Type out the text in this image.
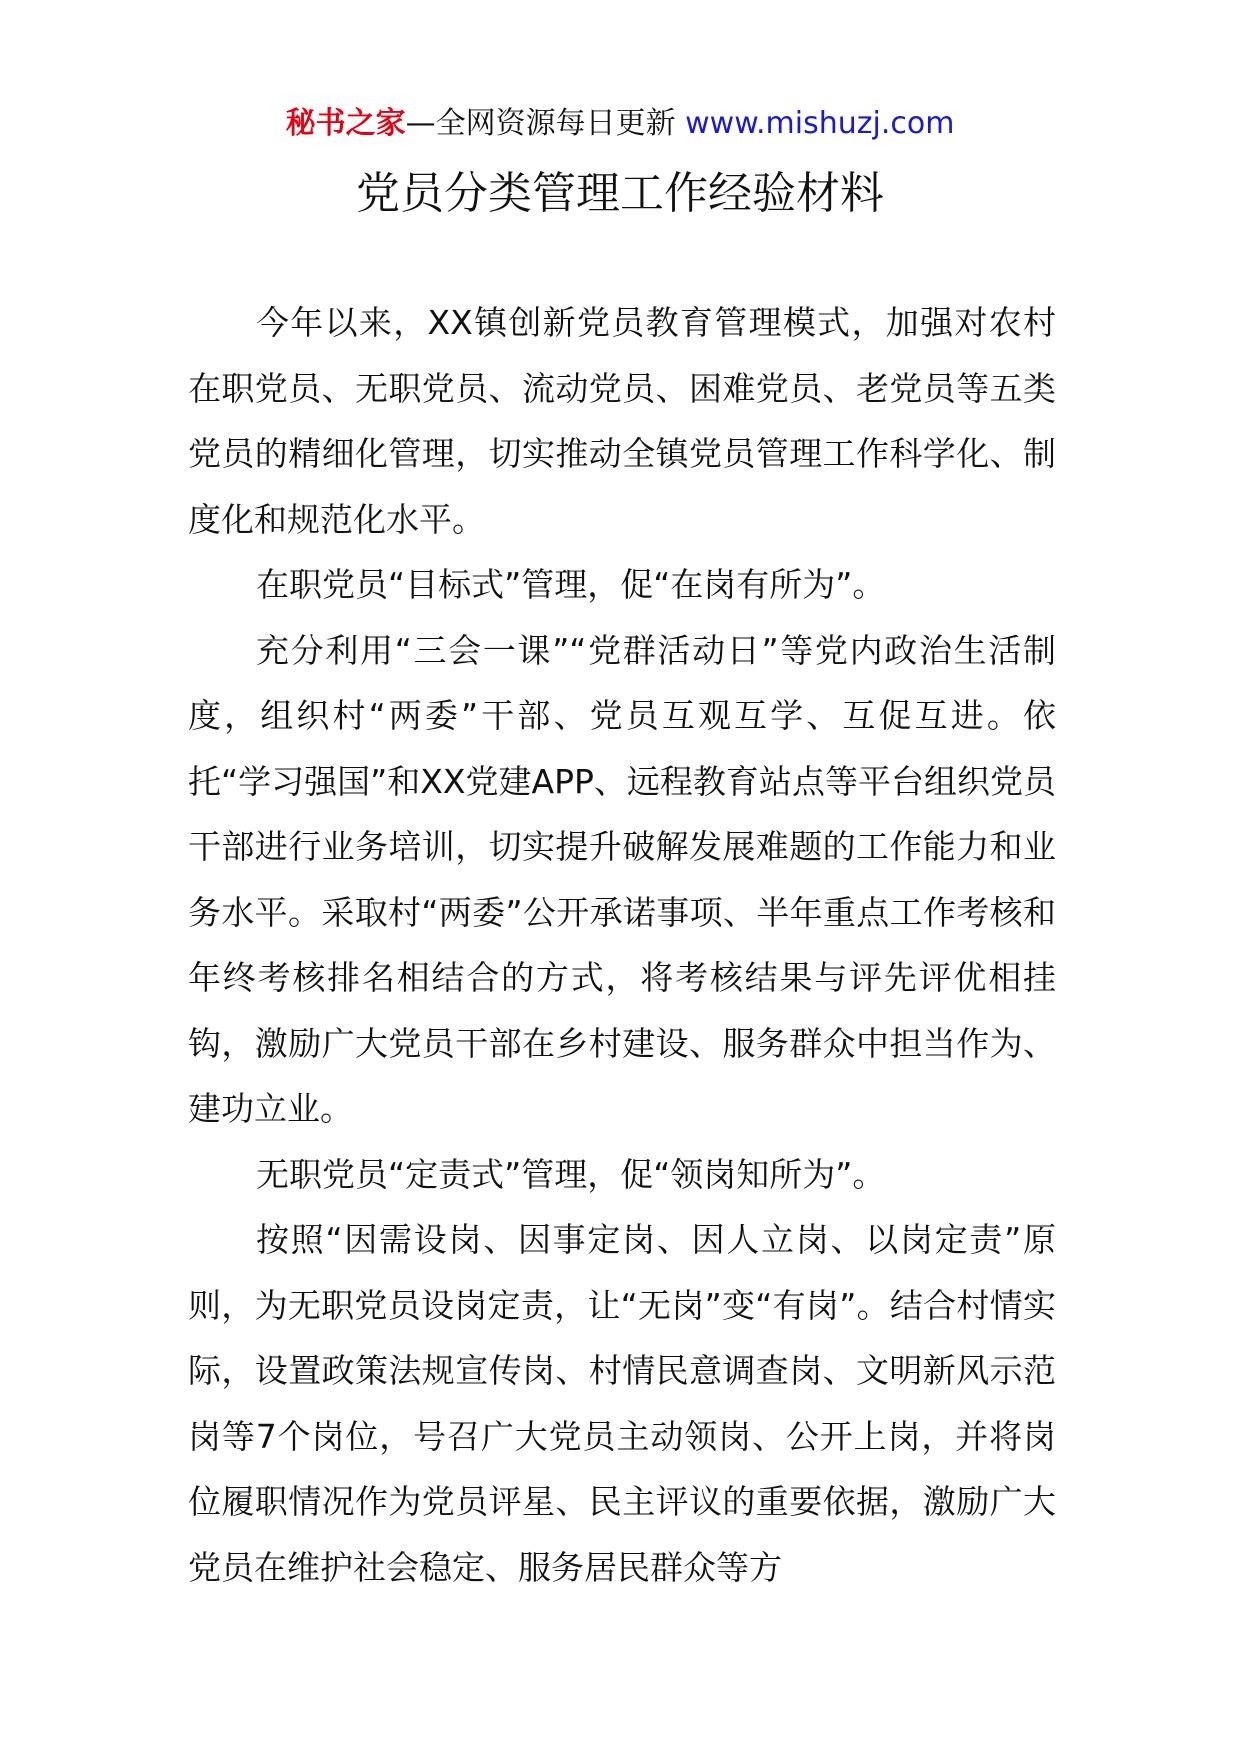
秘书之家—全网资源每日更新 www.mishuzj.com
党员分类管理工作经验材料

今年以来，XX镇创新党员教育管理模式，加强对农村在职党员、无职党员、流动党员、困难党员、老党员等五类党员的精细化管理，切实推动全镇党员管理工作科学化、制度化和规范化水平。

在职党员“目标式”管理，促“在岗有所为”。

充分利用“三会一课”“党群活动日”等党内政治生活制度，组织村“两委”干部、党员互观互学、互促互进。依托“学习强国”和XX党建APP、远程教育站点等平台组织党员干部进行业务培训，切实提升破解发展难题的工作能力和业务水平。采取村“两委”公开承诺事项、半年重点工作考核和年终考核排名相结合的方式，将考核结果与评先评优相挂钩，激励广大党员干部在乡村建设、服务群众中担当作为、建功立业。

无职党员“定责式”管理，促“领岗知所为”。

按照“因需设岗、因事定岗、因人立岗、以岗定责”原则，为无职党员设岗定责，让“无岗”变“有岗”。结合村情实际，设置政策法规宣传岗、村情民意调查岗、文明新风示范岗等7个岗位，号召广大党员主动领岗、公开上岗，并将岗位履职情况作为党员评星、民主评议的重要依据，激励广大党员在维护社会稳定、服务居民群众等方
